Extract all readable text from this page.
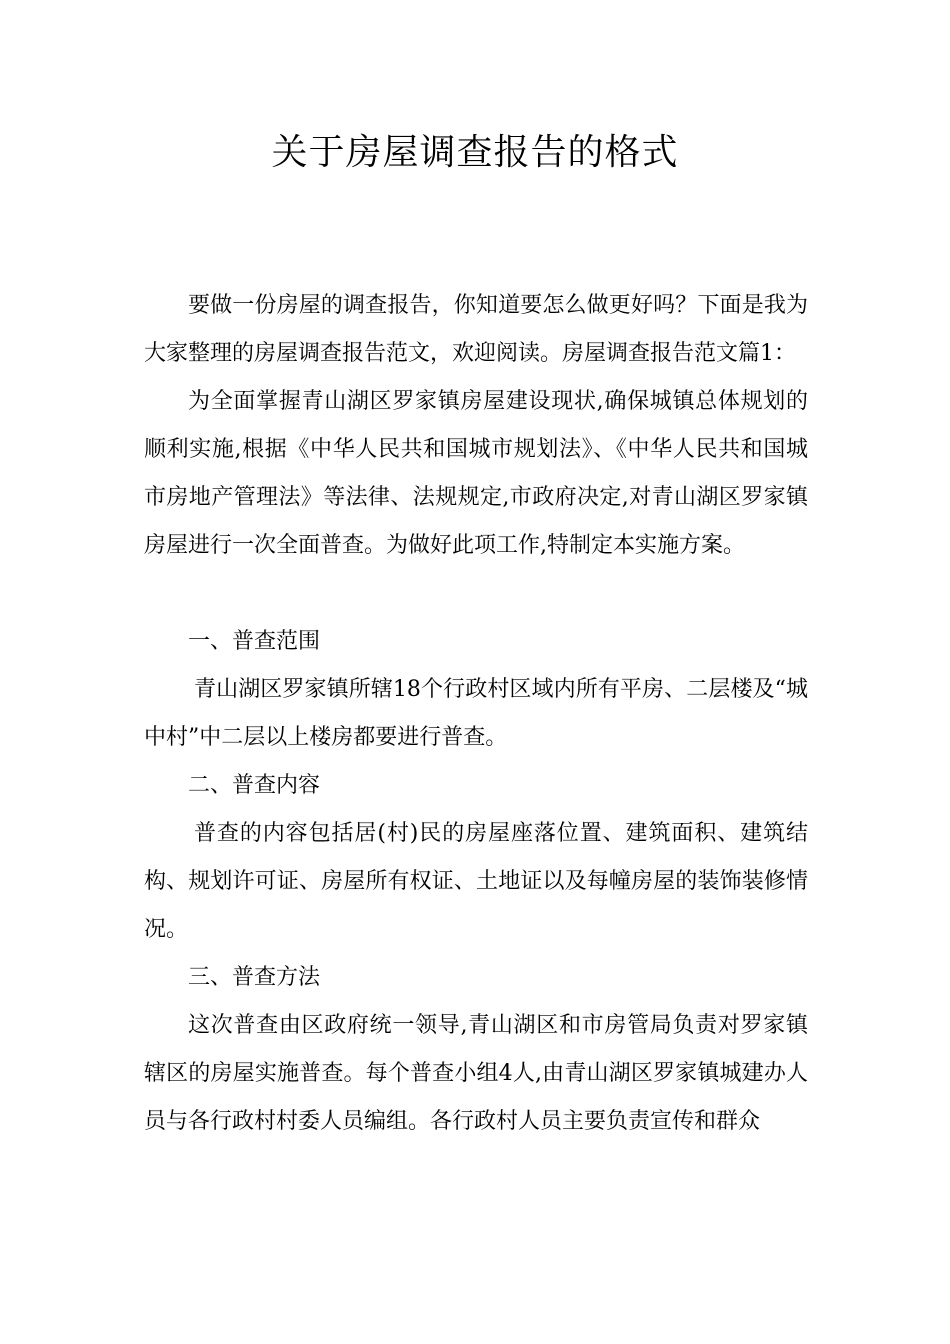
关于房屋调查报告的格式

要做一份房屋的调查报告，你知道要怎么做更好吗？下面是我为大家整理的房屋调查报告范文，欢迎阅读。房屋调查报告范文篇1：

为全面掌握青山湖区罗家镇房屋建设现状,确保城镇总体规划的顺利实施,根据《中华人民共和国城市规划法》、《中华人民共和国城市房地产管理法》等法律、法规规定,市政府决定,对青山湖区罗家镇房屋进行一次全面普查。为做好此项工作,特制定本实施方案。

一、普查范围

青山湖区罗家镇所辖18个行政村区域内所有平房、二层楼及“城中村”中二层以上楼房都要进行普查。

二、普查内容

普查的内容包括居(村)民的房屋座落位置、建筑面积、建筑结构、规划许可证、房屋所有权证、土地证以及每幢房屋的装饰装修情况。

三、普查方法

这次普查由区政府统一领导,青山湖区和市房管局负责对罗家镇辖区的房屋实施普查。每个普查小组4人,由青山湖区罗家镇城建办人员与各行政村村委人员编组。各行政村人员主要负责宣传和群众
